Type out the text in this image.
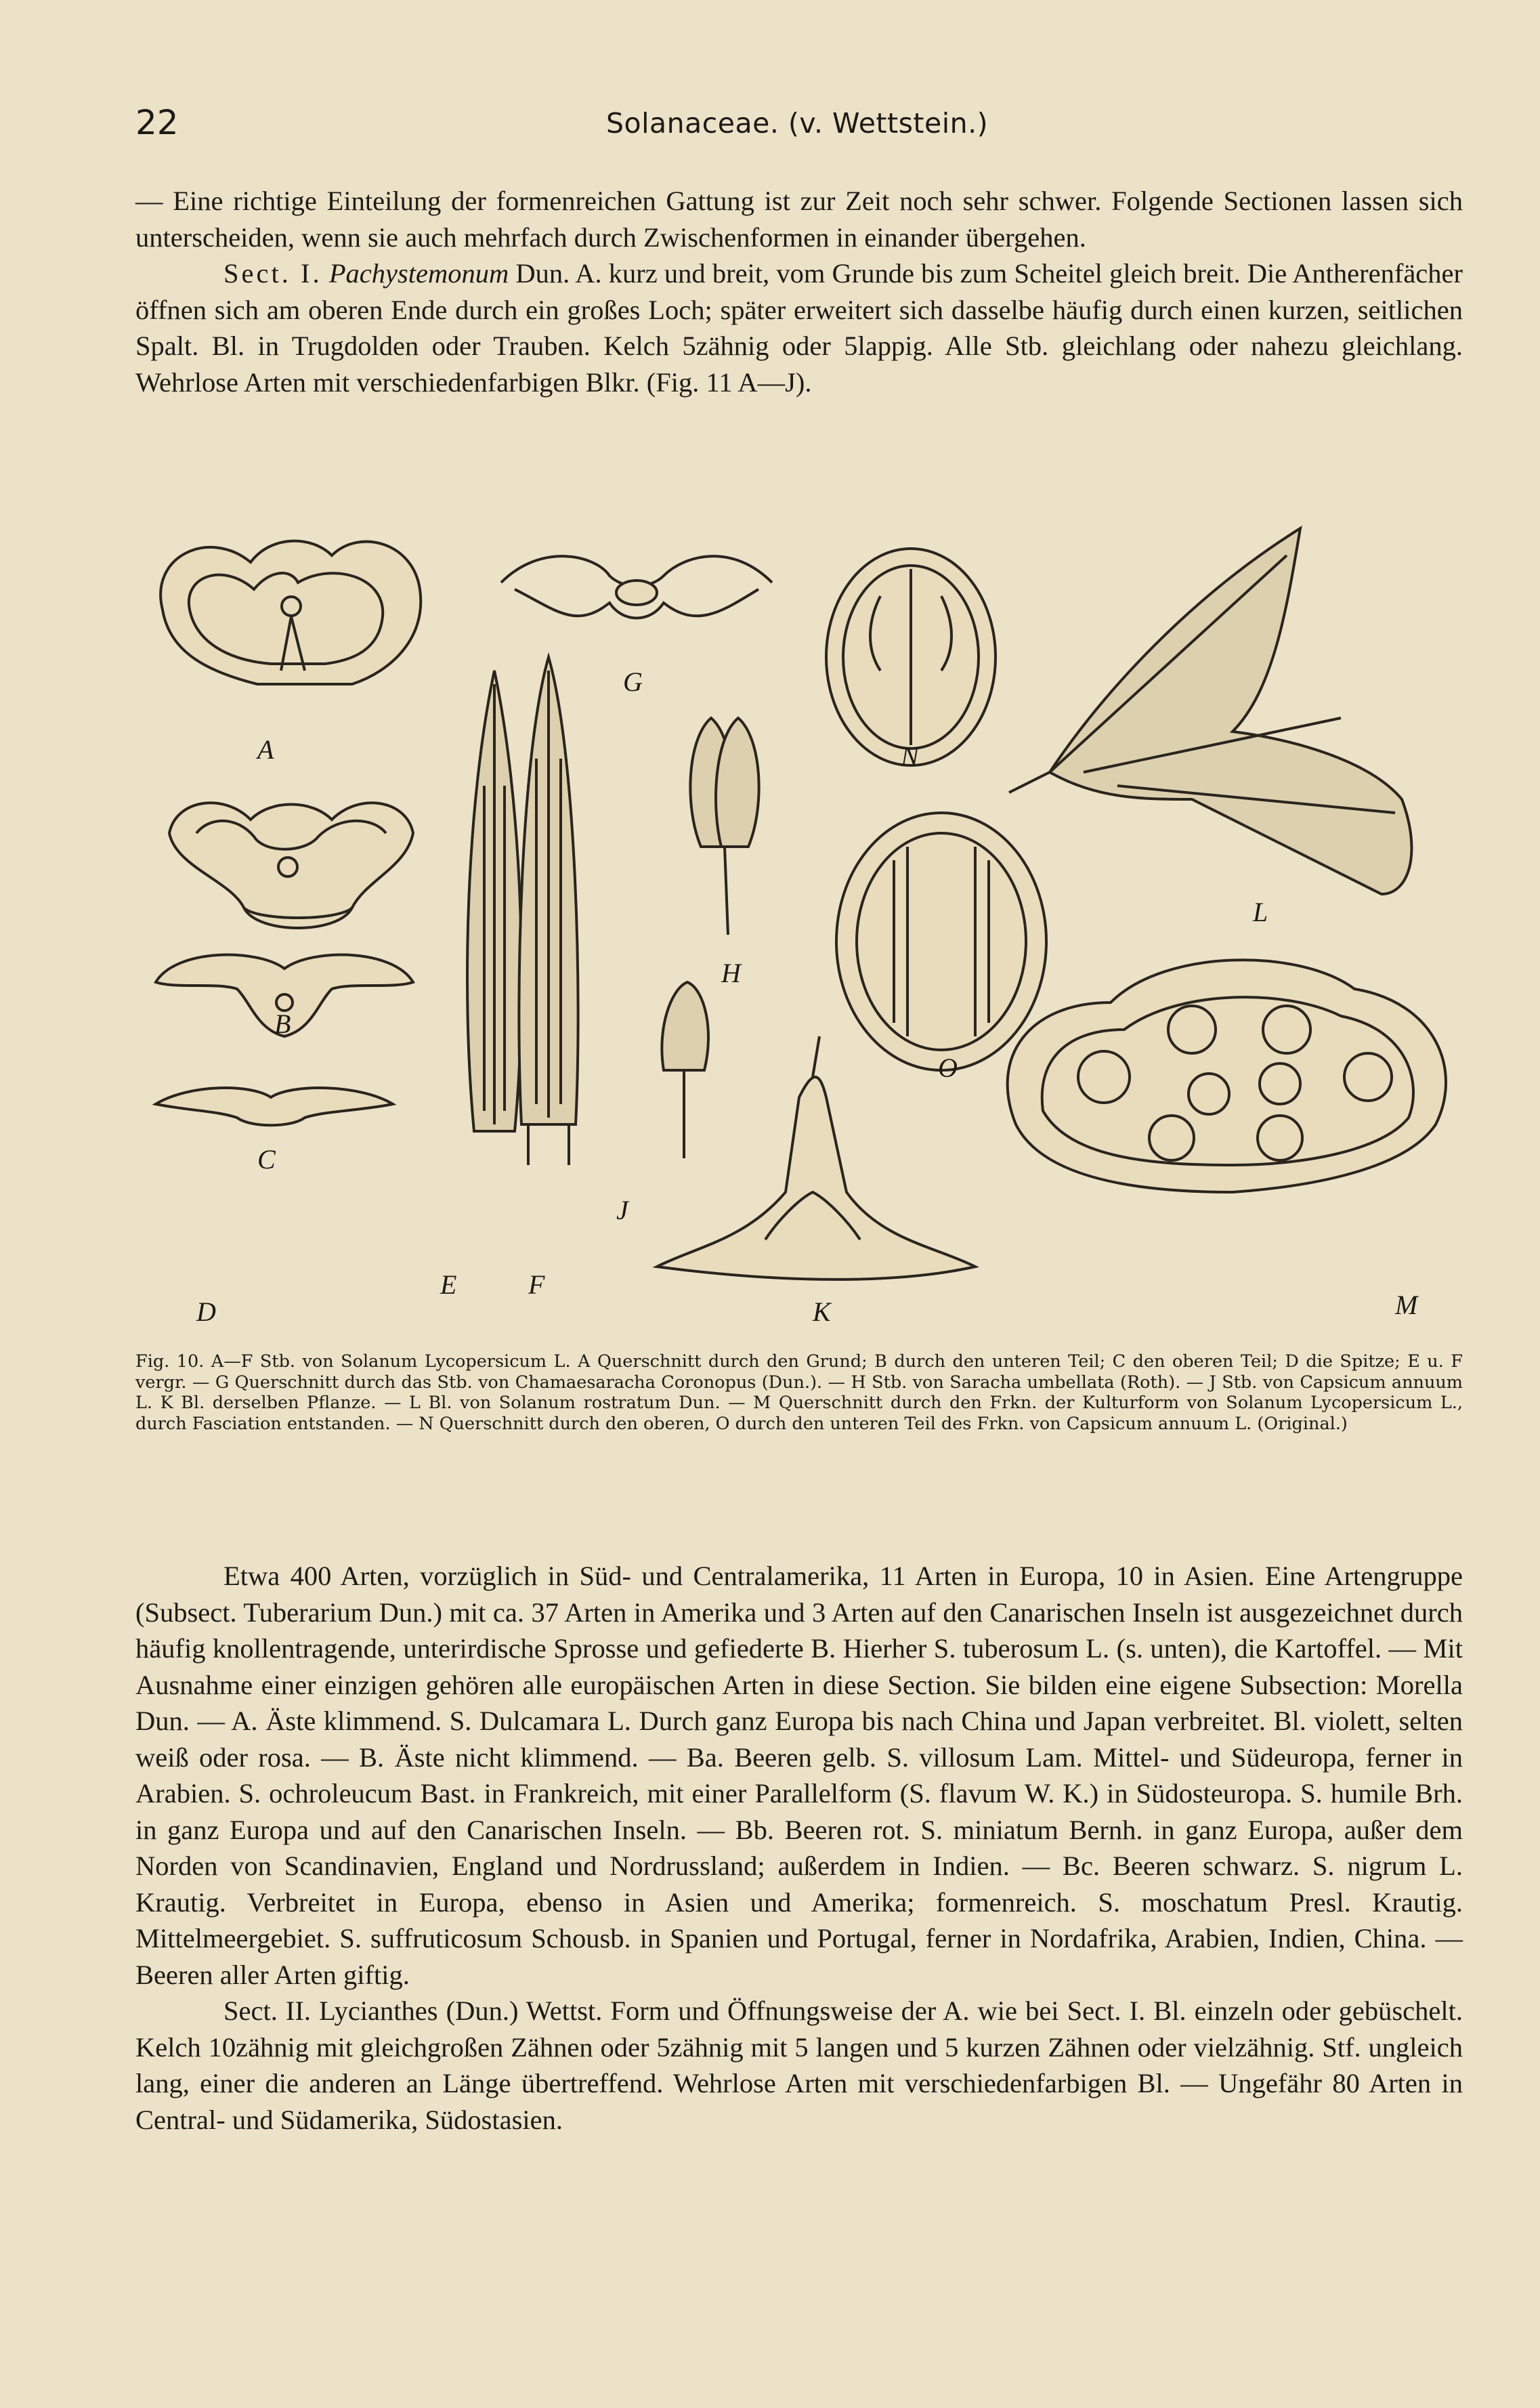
22	Solanaceae. (v. Wettstein.)

— Eine richtige Einteilung der formenreichen Gattung ist zur Zeit noch sehr schwer. Folgende Sectionen lassen sich unterscheiden, wenn sie auch mehrfach durch Zwischenformen in einander übergehen.

Sect. I. Pachystemonum Dun. A. kurz und breit, vom Grunde bis zum Scheitel gleich breit. Die Antherenfächer öffnen sich am oberen Ende durch ein großes Loch; später erweitert sich dasselbe häufig durch einen kurzen, seitlichen Spalt. Bl. in Trugdolden oder Trauben. Kelch 5zähnig oder 5lappig. Alle Stb. gleichlang oder nahezu gleichlang. Wehrlose Arten mit verschiedenfarbigen Blkr. (Fig. 11 A—J).

A
B
C
D
E	F
G
H
J
K
L
M
N
O
Fig. 10. A—F Stb. von Solanum Lycopersicum L. A Querschnitt durch den Grund; B durch den unteren Teil; C den oberen Teil; D die Spitze; E u. F vergr. — G Querschnitt durch das Stb. von Chamaesaracha Coronopus (Dun.). — H Stb. von Saracha umbellata (Roth). — J Stb. von Capsicum annuum L. K Bl. derselben Pflanze. — L Bl. von Solanum rostratum Dun. — M Querschnitt durch den Frkn. der Kulturform von Solanum Lycopersicum L., durch Fasciation entstanden. — N Querschnitt durch den oberen, O durch den unteren Teil des Frkn. von Capsicum annuum L. (Original.)

Etwa 400 Arten, vorzüglich in Süd- und Centralamerika, 11 Arten in Europa, 10 in Asien. Eine Artengruppe (Subsect. Tuberarium Dun.) mit ca. 37 Arten in Amerika und 3 Arten auf den Canarischen Inseln ist ausgezeichnet durch häufig knollentragende, unterirdische Sprosse und gefiederte B. Hierher S. tuberosum L. (s. unten), die Kartoffel. — Mit Ausnahme einer einzigen gehören alle europäischen Arten in diese Section. Sie bilden eine eigene Subsection: Morella Dun. — A. Äste klimmend. S. Dulcamara L. Durch ganz Europa bis nach China und Japan verbreitet. Bl. violett, selten weiß oder rosa. — B. Äste nicht klimmend. — Ba. Beeren gelb. S. villosum Lam. Mittel- und Südeuropa, ferner in Arabien. S. ochroleucum Bast. in Frankreich, mit einer Parallelform (S. flavum W. K.) in Südosteuropa. S. humile Brh. in ganz Europa und auf den Canarischen Inseln. — Bb. Beeren rot. S. miniatum Bernh. in ganz Europa, außer dem Norden von Scandinavien, England und Nordrussland; außerdem in Indien. — Bc. Beeren schwarz. S. nigrum L. Krautig. Verbreitet in Europa, ebenso in Asien und Amerika; formenreich. S. moschatum Presl. Krautig. Mittelmeergebiet. S. suffruticosum Schousb. in Spanien und Portugal, ferner in Nordafrika, Arabien, Indien, China. — Beeren aller Arten giftig.

Sect. II. Lycianthes (Dun.) Wettst. Form und Öffnungsweise der A. wie bei Sect. I. Bl. einzeln oder gebüschelt. Kelch 10zähnig mit gleichgroßen Zähnen oder 5zähnig mit 5 langen und 5 kurzen Zähnen oder vielzähnig. Stf. ungleich lang, einer die anderen an Länge übertreffend. Wehrlose Arten mit verschiedenfarbigen Bl. — Ungefähr 80 Arten in Central- und Südamerika, Südostasien.
